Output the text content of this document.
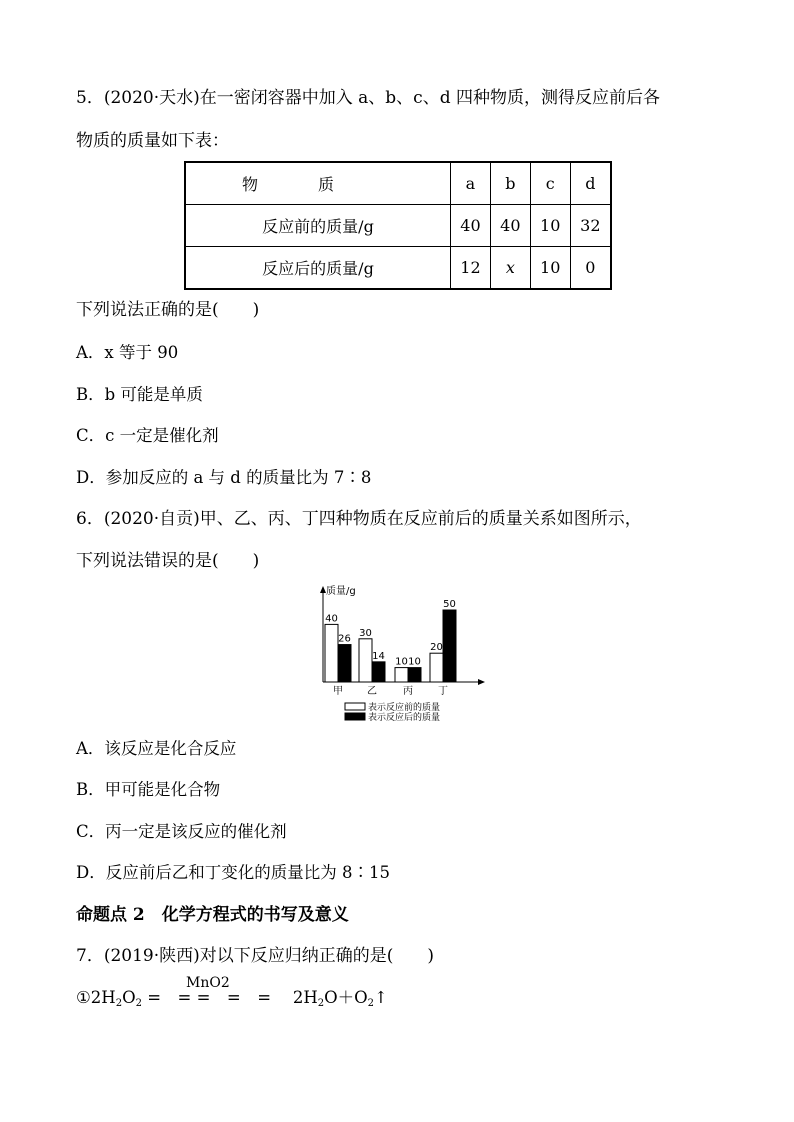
5．(2020·天水)在一密闭容器中加入 a、b、c、d 四种物质，测得反应前后各
物质的质量如下表：
物质	a	b	c	d
反应前的质量/g	40	40	10	32
反应后的质量/g	12	x	10	0
下列说法正确的是(　　)
A．x 等于 90
B．b 可能是单质
C．c 一定是催化剂
D．参加反应的 a 与 d 的质量比为 7∶8
6．(2020·自贡)甲、乙、丙、丁四种物质在反应前后的质量关系如图所示，
下列说法错误的是(　　)
质量/g
40
26
甲
30
14
乙
10 10
丙
20
50
丁
表示反应前的质量
表示反应后的质量
A．该反应是化合反应
B．甲可能是化合物
C．丙一定是该反应的催化剂
D．反应前后乙和丁变化的质量比为 8∶15
命题点 2　化学方程式的书写及意义
7．(2019·陕西)对以下反应归纳正确的是(　　)
MnO2
$①2H_2O_2$ =　= =　=　=　 $2H_2O+O_2↑$
